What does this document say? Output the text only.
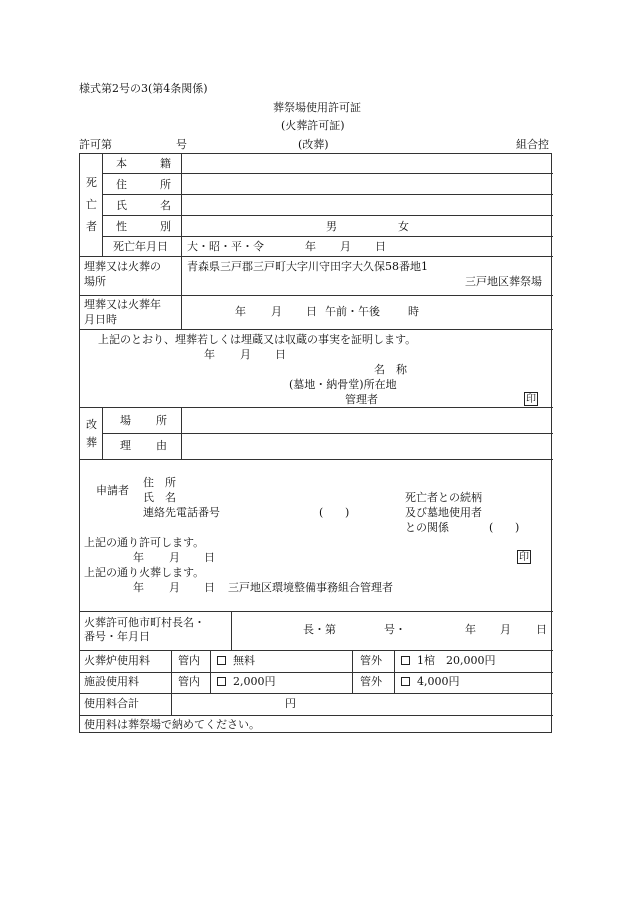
様式第2号の3(第4条関係)
葬祭場使用許可証
(火葬許可証)
許可第	号	(改葬)	組合控
死
亡
者
本	籍
住	所
氏	名
性	別	男	女
死亡年月日 大・昭・平・令	年 月 日
埋葬又は火葬の
場所
青森県三戸郡三戸町大字川守田字大久保58番地1
三戸地区葬祭場
埋葬又は火葬年
月日時
年 月 日 午前・午後	時
上記のとおり、埋葬若しくは埋蔵又は収蔵の事実を証明します。
年 月 日
名　称
(墓地・納骨堂)所在地
管理者	印
改
葬
場 所
理 由
申請者
住　所
氏　名
連絡先電話番号	( )
死亡者との続柄
及び墓地使用者
との関係	( )
上記の通り許可します。
年 月 日	印
上記の通り火葬します。
年 月 日 三戸地区環境整備事務組合管理者
火葬許可他市町村長名・
番号・年月日
長・第	号・	年 月 日
火葬炉使用料	管内	無料	管外	1棺　20,000円
施設使用料	管内	2,000円	管外	4,000円
使用料合計	円
使用料は葬祭場で納めてください。
